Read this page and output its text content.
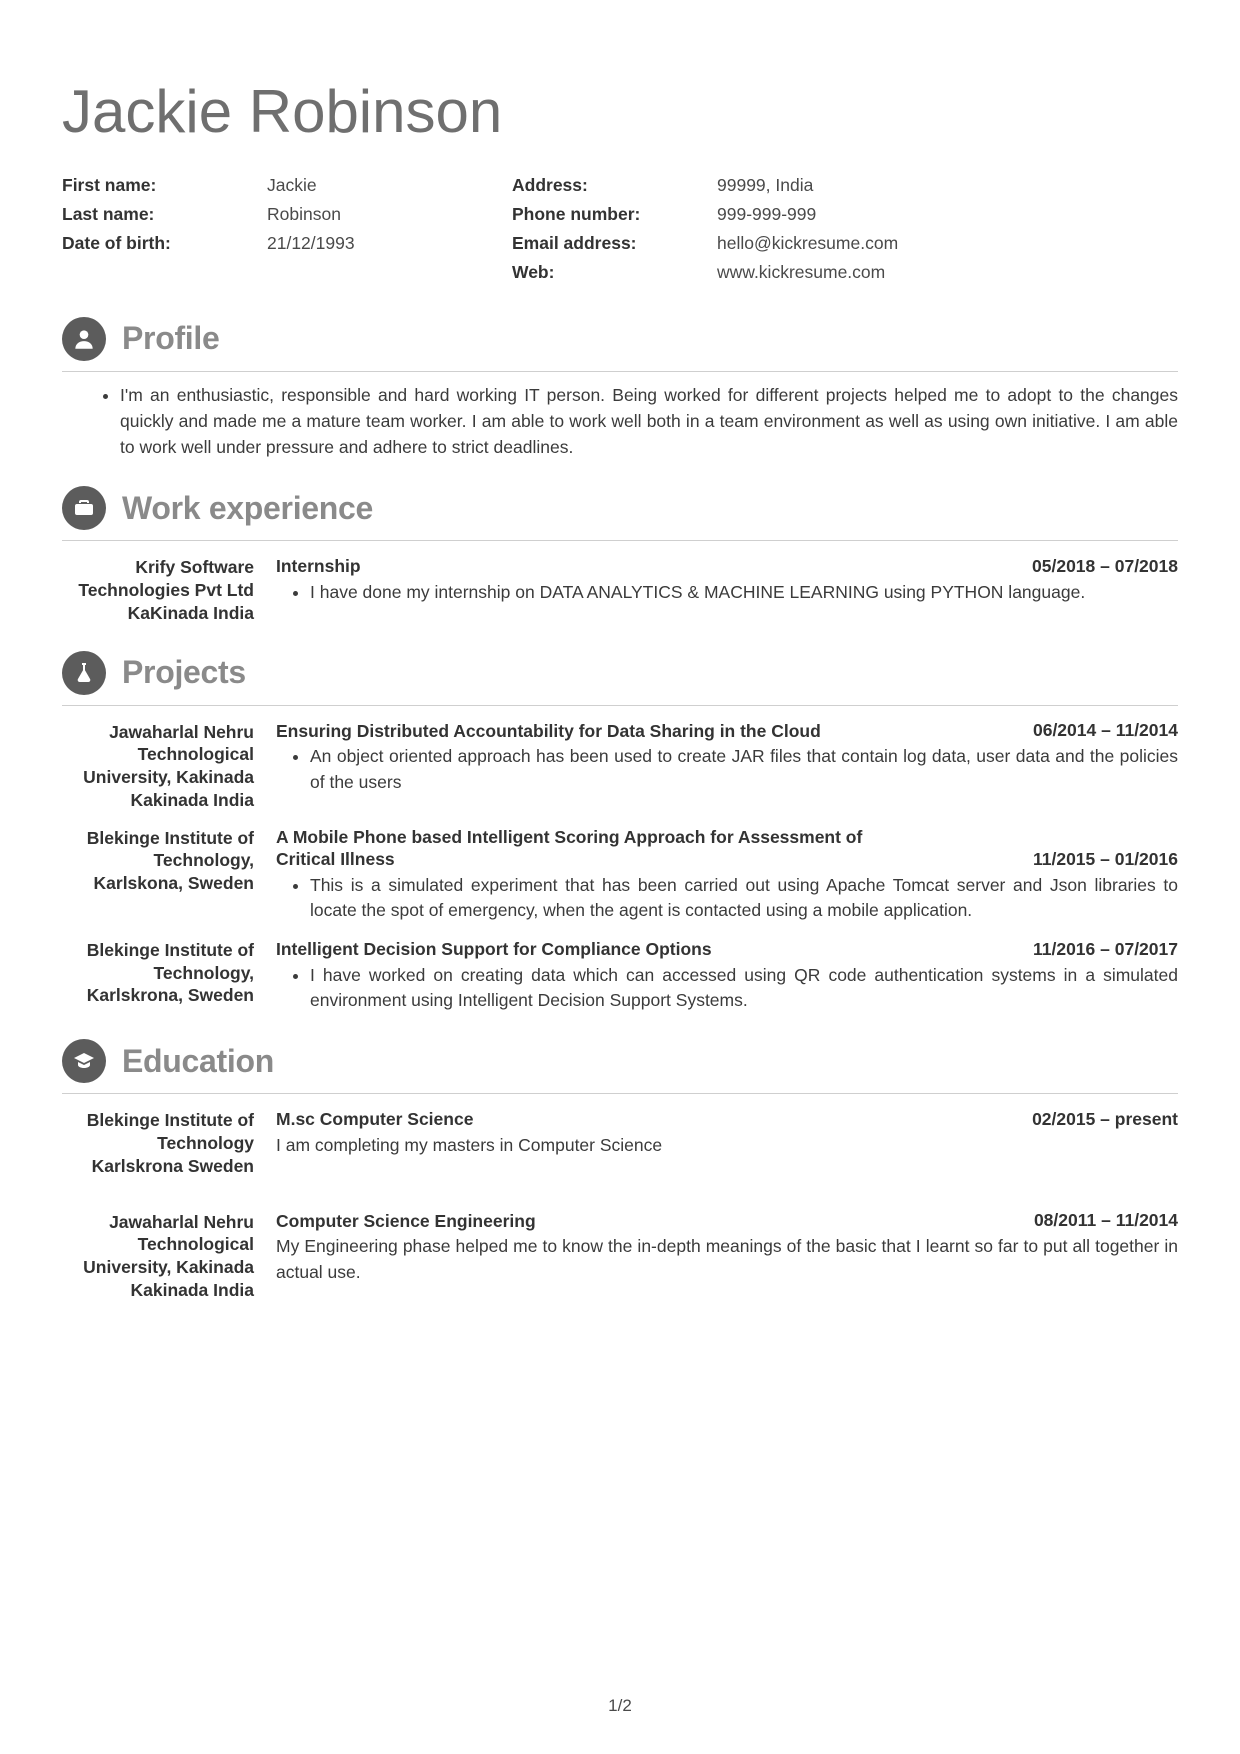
Jackie Robinson
First name:	Jackie
Last name:	Robinson
Date of birth:	21/12/1993
Address:	99999, India
Phone number:	999-999-999
Email address:	hello@kickresume.com
Web:	www.kickresume.com
Profile
• I'm an enthusiastic, responsible and hard working IT person. Being worked for different projects helped me to adopt to the changes quickly and made me a mature team worker. I am able to work well both in a team environment as well as using own initiative. I am able to work well under pressure and adhere to strict deadlines.
Work experience
Krify Software Technologies Pvt Ltd KaKinada India
Internship	05/2018 – 07/2018
• I have done my internship on DATA ANALYTICS & MACHINE LEARNING using PYTHON language.
Projects
Jawaharlal Nehru Technological University, Kakinada Kakinada India
Ensuring Distributed Accountability for Data Sharing in the Cloud	06/2014 – 11/2014
• An object oriented approach has been used to create JAR files that contain log data, user data and the policies of the users
Blekinge Institute of Technology, Karlskona, Sweden
A Mobile Phone based Intelligent Scoring Approach for Assessment of Critical Illness	11/2015 – 01/2016
• This is a simulated experiment that has been carried out using Apache Tomcat server and Json libraries to locate the spot of emergency, when the agent is contacted using a mobile application.
Blekinge Institute of Technology, Karlskrona, Sweden
Intelligent Decision Support for Compliance Options	11/2016 – 07/2017
• I have worked on creating data which can accessed using QR code authentication systems in a simulated environment using Intelligent Decision Support Systems.
Education
Blekinge Institute of Technology Karlskrona Sweden
M.sc Computer Science	02/2015 – present
I am completing my masters in Computer Science
Jawaharlal Nehru Technological University, Kakinada Kakinada India
Computer Science Engineering	08/2011 – 11/2014
My Engineering phase helped me to know the in-depth meanings of the basic that I learnt so far to put all together in actual use.
1/2
